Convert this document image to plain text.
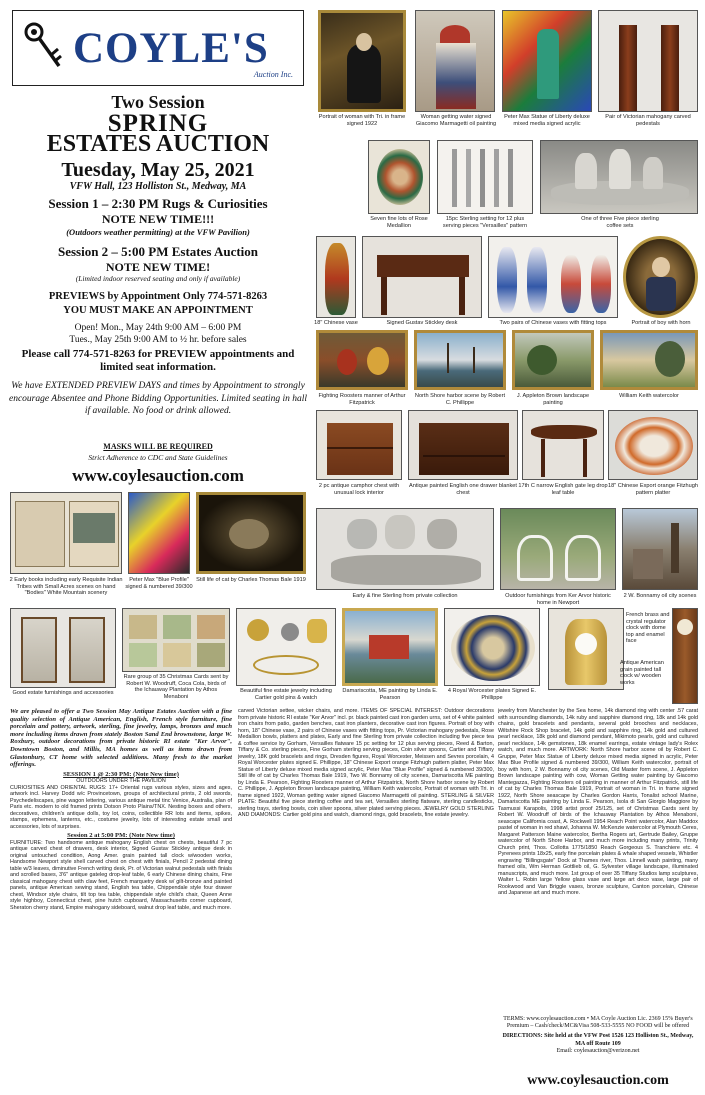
COYLE'S
Auction Inc.
Two Session
SPRING
ESTATES AUCTION
Tuesday, May 25, 2021
VFW Hall, 123 Holliston St., Medway, MA
Session 1 – 2:30 PM Rugs & Curiosities
NOTE NEW TIME!!!
(Outdoors weather permitting) at the VFW Pavilion)
Session 2 – 5:00 PM Estates Auction
NOTE NEW TIME!
(Limited indoor reserved seating and only if available)
PREVIEWS by Appointment Only 774-571-8263
YOU MUST MAKE AN APPOINTMENT
Open! Mon., May 24th 9:00 AM – 6:00 PM
Tues., May 25th 9:00 AM to ½ hr. before sales
Please call 774-571-8263 for PREVIEW appointments and limited seat information.
We have EXTENDED PREVIEW DAYS and times by Appointment to strongly encourage Absentee and Phone Bidding Opportunities. Limited seating in hall if available. No food or drink allowed.
MASKS WILL BE REQUIRED
Strict Adherence to CDC and State Guidelines
www.coylesauction.com
Portrait of woman with Tri. in frame signed 1922
Woman getting water signed Giacomo Marmagetti oil painting
Peter Max Statue of Liberty deluxe mixed media signed acrylic
Pair of Victorian mahogany carved pedestals
Seven fine lots of Rose Medallion
15pc Sterling setting for 12 plus serving pieces "Versailles" pattern
One of three Five piece sterling coffee sets
18" Chinese vase	Signed Gustav Stickley desk	Two pairs of Chinese vases with fitting tops	Portrait of boy with horn
Fighting Roosters manner of Arthur Fitzpatrick
North Shore harbor scene by Robert C. Phillippe
J. Appleton Brown landscape painting
William Keith watercolor
2 pc antique camphor chest with unusual lock interior
Antique painted English one drawer blanket chest
17th C narrow English gate leg drop leaf table
18" Chinese Export orange Fitzhugh pattern platter
2 Early books including early Requisite Indian Tribes with Small Acres scenes on hand "Bodies" White Mountain scenery
Peter Max "Blue Profile" signed & numbered 39/300
Still life of cat by Charles Thomas Bale 1919
Early & fine Sterling from private collection	Outdoor furnishings from Ker Arvor historic home in Newport
2 W. Bonnamy oil city scenes
Good estate furnishings and accessories
Rare group of 35 Christmas Cards sent by Robert W. Woodruff, Coca Cola, birds of the Ichauway Plantation by Athos Menaboni
Beautiful fine estate jewelry including Cartier gold pins & watch
Damariscotta, ME painting by Linda E. Pearson
4 Royal Worcester plates Signed E. Phillippe
French brass and crystal regulator clock with dome top and enamel face
Antique American grain painted tall clock w/ wooden works

We are pleased to offer a Two Session May Antique Estates Auction with a fine quality selection of Antique American, English, French style furniture, fine porcelain and pottery, artwork, sterling, fine jewelry, lamps, bronzes and much more including items drawn from stately Boston Sand End brownstone, large W. Roxbury, outdoor decorations from private historic RI estate "Ker Arvor", Downtown Boston, and Millis, MA homes as well as items drawn from Glastonbury, CT home with selected additions. Many fresh to the market offerings.

SESSION 1 @ 2:30 PM: (Note New time)
OUTDOORS UNDER THE PAVILION

CURIOSITIES AND ORIENTAL RUGS: 17+ Oriental rugs various styles, sizes and ages, artwork incl. Harvey Dodd w/c Provincetown, groups of architectural prints, 2 old swords, Psychedeliscapes, pine wagon lettering, various antique metal tinc Venice, Australia, plan of Paris etc. modern to old framed prints Dotson Proto Plains/TNX. Nesting boxes and others, decoratives, children's antique dolls, toy lot, coins, collectible RR lots and items, spikes, stamps, ephemera, lanterns, etc., costume jewelry, lots of interesting estate small and accessories, lots of surprises.

Session 2 at 5:00 PM: (Note New time)

FURNITURE: Two handsome antique mahogany English chest on chests, beautiful 7 pc antique carved chest of drawers, desk interior, Signed Gustav Stickley antique desk in original untouched condition, Aong Amer. grain painted tall clock w/wooden works, Handsome Newport style shell carved chest on chest with finials, Pencil 2 pedestal dining table w/3 leaves, diminutive French writing desk, Pr. of Victorian walnut pedestals with finials and scrolled bases, 3'6" antique gateleg drop-leaf table, 6 early Chinese dining chairs, Fine classical mahogany chest with claw feet, French marquetry desk w/ gilt-bronze and painted panels, antique American sewing stand, English tea table, Chippendale style four drawer chest, Windsor style chairs, tilt top tea table, chippendale style child's chair, Queen Anne style highboy, Connecticut chest, pine hutch cupboard, Massachusetts corner cupboard, Sheraton cherry stand, Empire mahogany sideboard, walnut drop leaf table, and much more.

carved Victorian settee, wicker chairs, and more. ITEMS OF SPECIAL INTEREST: Outdoor decorations from private historic RI estate "Ker Arvor" incl. pr. black painted cast iron garden urns, set of 4 white painted iron chairs from patio, garden benches, cast iron planters, decorative cast iron figures. Portrait of boy with horn, 18" Chinese vase, 2 pairs of Chinese vases with fitting tops, Pr. Victorian mahogany pedestals, Rose Medallion bowls, platters and plates, Early and fine Sterling from private collection including five piece tea & coffee service by Gorham, Versailles flatware 15 pc setting for 12 plus serving pieces, Reed & Barton, Tiffany & Co. sterling pieces, Fine Gorham sterling serving pieces, Coin silver spoons, Cartier and Tiffany jewelry, 18K gold bracelets and rings, Dresden figures, Royal Worcester, Meissen and Sevres porcelain, 4 Royal Worcester plates signed E. Phillippe, 18" Chinese Export orange Fitzhugh pattern platter, Peter Max Statue of Liberty deluxe mixed media signed acrylic, Peter Max "Blue Profile" signed & numbered 39/300, Still life of cat by Charles Thomas Bale 1919, Two W. Bonnamy oil city scenes, Damariscotta ME painting by Linda E. Pearson, Fighting Roosters manner of Arthur Fitzpatrick, North Shore harbor scene by Robert C. Phillippe, J. Appleton Brown landscape painting, William Keith watercolor, Portrait of woman with Tri. in frame signed 1922, Woman getting water signed Giacomo Marmagetti oil painting. STERLING & SILVER PLATE: Beautiful five piece sterling coffee and tea set, Versailles sterling flatware, sterling candlesticks, sterling trays, sterling bowls, coin silver spoons, silver plated serving pieces. JEWELRY GOLD STERLING AND DIAMONDS: Cartier gold pins and watch, diamond rings, gold bracelets, fine estate jewelry.

jewelry from Manchester by the Sea home, 14k diamond ring with center .57 carat with surrounding diamonds, 14k ruby and sapphire diamond ring, 18k and 14k gold chains, gold bracelets and pendants, several gold brooches and necklaces, Wiltshire Rock Shop bracelet, 14k gold and sapphire ring, 14k gold and cultured pearl necklace, 18k gold and diamond pendant, Mikimoto pearls, gold and cultured pearl necklace, 14k gemstones, 18k enamel earrings, estate vintage lady's Rolex watch, and much more. ARTWORK: North Shore harbor scene oil by Robert C. Gruppe, Peter Max Statue of Liberty deluxe mixed media signed in acrylic, Peter Max Blue Profile signed & numbered 39/300, William Keith watercolor, portrait of boy with horn, 2 W. Bonnamy oil city scenes, Old Master form scene, J. Appleton Brown landscape painting with cow, Woman Getting water painting by Giacomo Mantegazza, Fighting Roosters oil painting in manner of Arthur Fitzpatrick, still life of cat by Charles Thomas Bale 1919, Portrait of woman in Tri. in frame signed 1922, North Shore seascape by Charles Gordon Harris, Tonalist school Marine, Damariscotta ME painting by Linda E. Pearson, Isola di San Giorgio Maggiore by Tasmussi Karapolis, 1998 artist proof 25/125, set of Christmas Cards sent by Robert W. Woodruff of birds of the Ichauway Plantation by Athos Menaboni, seascape California coast, A. Rockwell 1954 Reach Point watercolor, Alan Maddox pastel of woman in red shawl, Johanna W. McKenzie watercolor at Plymouth Ceres, Margaret Patterson Maine watercolor, Bertha Rogers art, Gertrude Bailey, Gruppe watercolor of North Shore Harbor, and much more including many prints, Trinity Church print, Thos. Collotta 1775/1850 Reach Gorgeous S. Tranchiere etc. 4 Pyrenees prints 18x25, early fine porcelain plates & whale shaped vessels, Whistler engraving "Billingsgate" Dock at Thames river, Thos. Linnell wash painting, many framed oils, Wm Herman Gottlieb oil, G. Sylvester village landscape, illuminated manuscripts, and much more. 1st group of over 35 Tiffany Studios lamp sculptures, Walter L. Robin large Yellow glass vase and large art deco vase, large pair of Rookwood and Van Briggle vases, bronze sculpture, Canton porcelain, Chinese and Japanese art and much more.

TERMS: www.coylesauction.com • MA Coyle Auction Lic. 2369 15% Buyer's Premium – Cash/check/MC&Visa 508-533-5555 NO FOOD will be offered
DIRECTIONS: Site held at the VFW Post 1526 123 Holliston St., Medway, MA off Route 109
Email: coylesauction@verizon.net
www.coylesauction.com
